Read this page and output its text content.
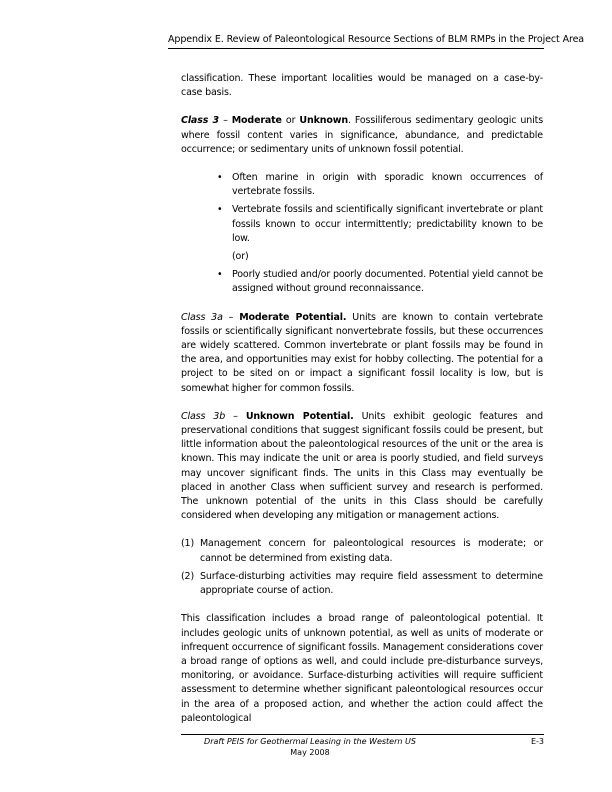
Appendix E. Review of Paleontological Resource Sections of BLM RMPs in the Project Area

classification. These important localities would be managed on a case-by-case basis.

Class 3 – Moderate or Unknown. Fossiliferous sedimentary geologic units where fossil content varies in significance, abundance, and predictable occurrence; or sedimentary units of unknown fossil potential.

• Often marine in origin with sporadic known occurrences of vertebrate fossils.
• Vertebrate fossils and scientifically significant invertebrate or plant fossils known to occur intermittently; predictability known to be low.
(or)
• Poorly studied and/or poorly documented. Potential yield cannot be assigned without ground reconnaissance.

Class 3a – Moderate Potential. Units are known to contain vertebrate fossils or scientifically significant nonvertebrate fossils, but these occurrences are widely scattered. Common invertebrate or plant fossils may be found in the area, and opportunities may exist for hobby collecting. The potential for a project to be sited on or impact a significant fossil locality is low, but is somewhat higher for common fossils.

Class 3b – Unknown Potential. Units exhibit geologic features and preservational conditions that suggest significant fossils could be present, but little information about the paleontological resources of the unit or the area is known. This may indicate the unit or area is poorly studied, and field surveys may uncover significant finds. The units in this Class may eventually be placed in another Class when sufficient survey and research is performed. The unknown potential of the units in this Class should be carefully considered when developing any mitigation or management actions.

(1) Management concern for paleontological resources is moderate; or cannot be determined from existing data.
(2) Surface-disturbing activities may require field assessment to determine appropriate course of action.

This classification includes a broad range of paleontological potential. It includes geologic units of unknown potential, as well as units of moderate or infrequent occurrence of significant fossils. Management considerations cover a broad range of options as well, and could include pre-disturbance surveys, monitoring, or avoidance. Surface-disturbing activities will require sufficient assessment to determine whether significant paleontological resources occur in the area of a proposed action, and whether the action could affect the paleontological

Draft PEIS for Geothermal Leasing in the Western US
May 2008
E-3
